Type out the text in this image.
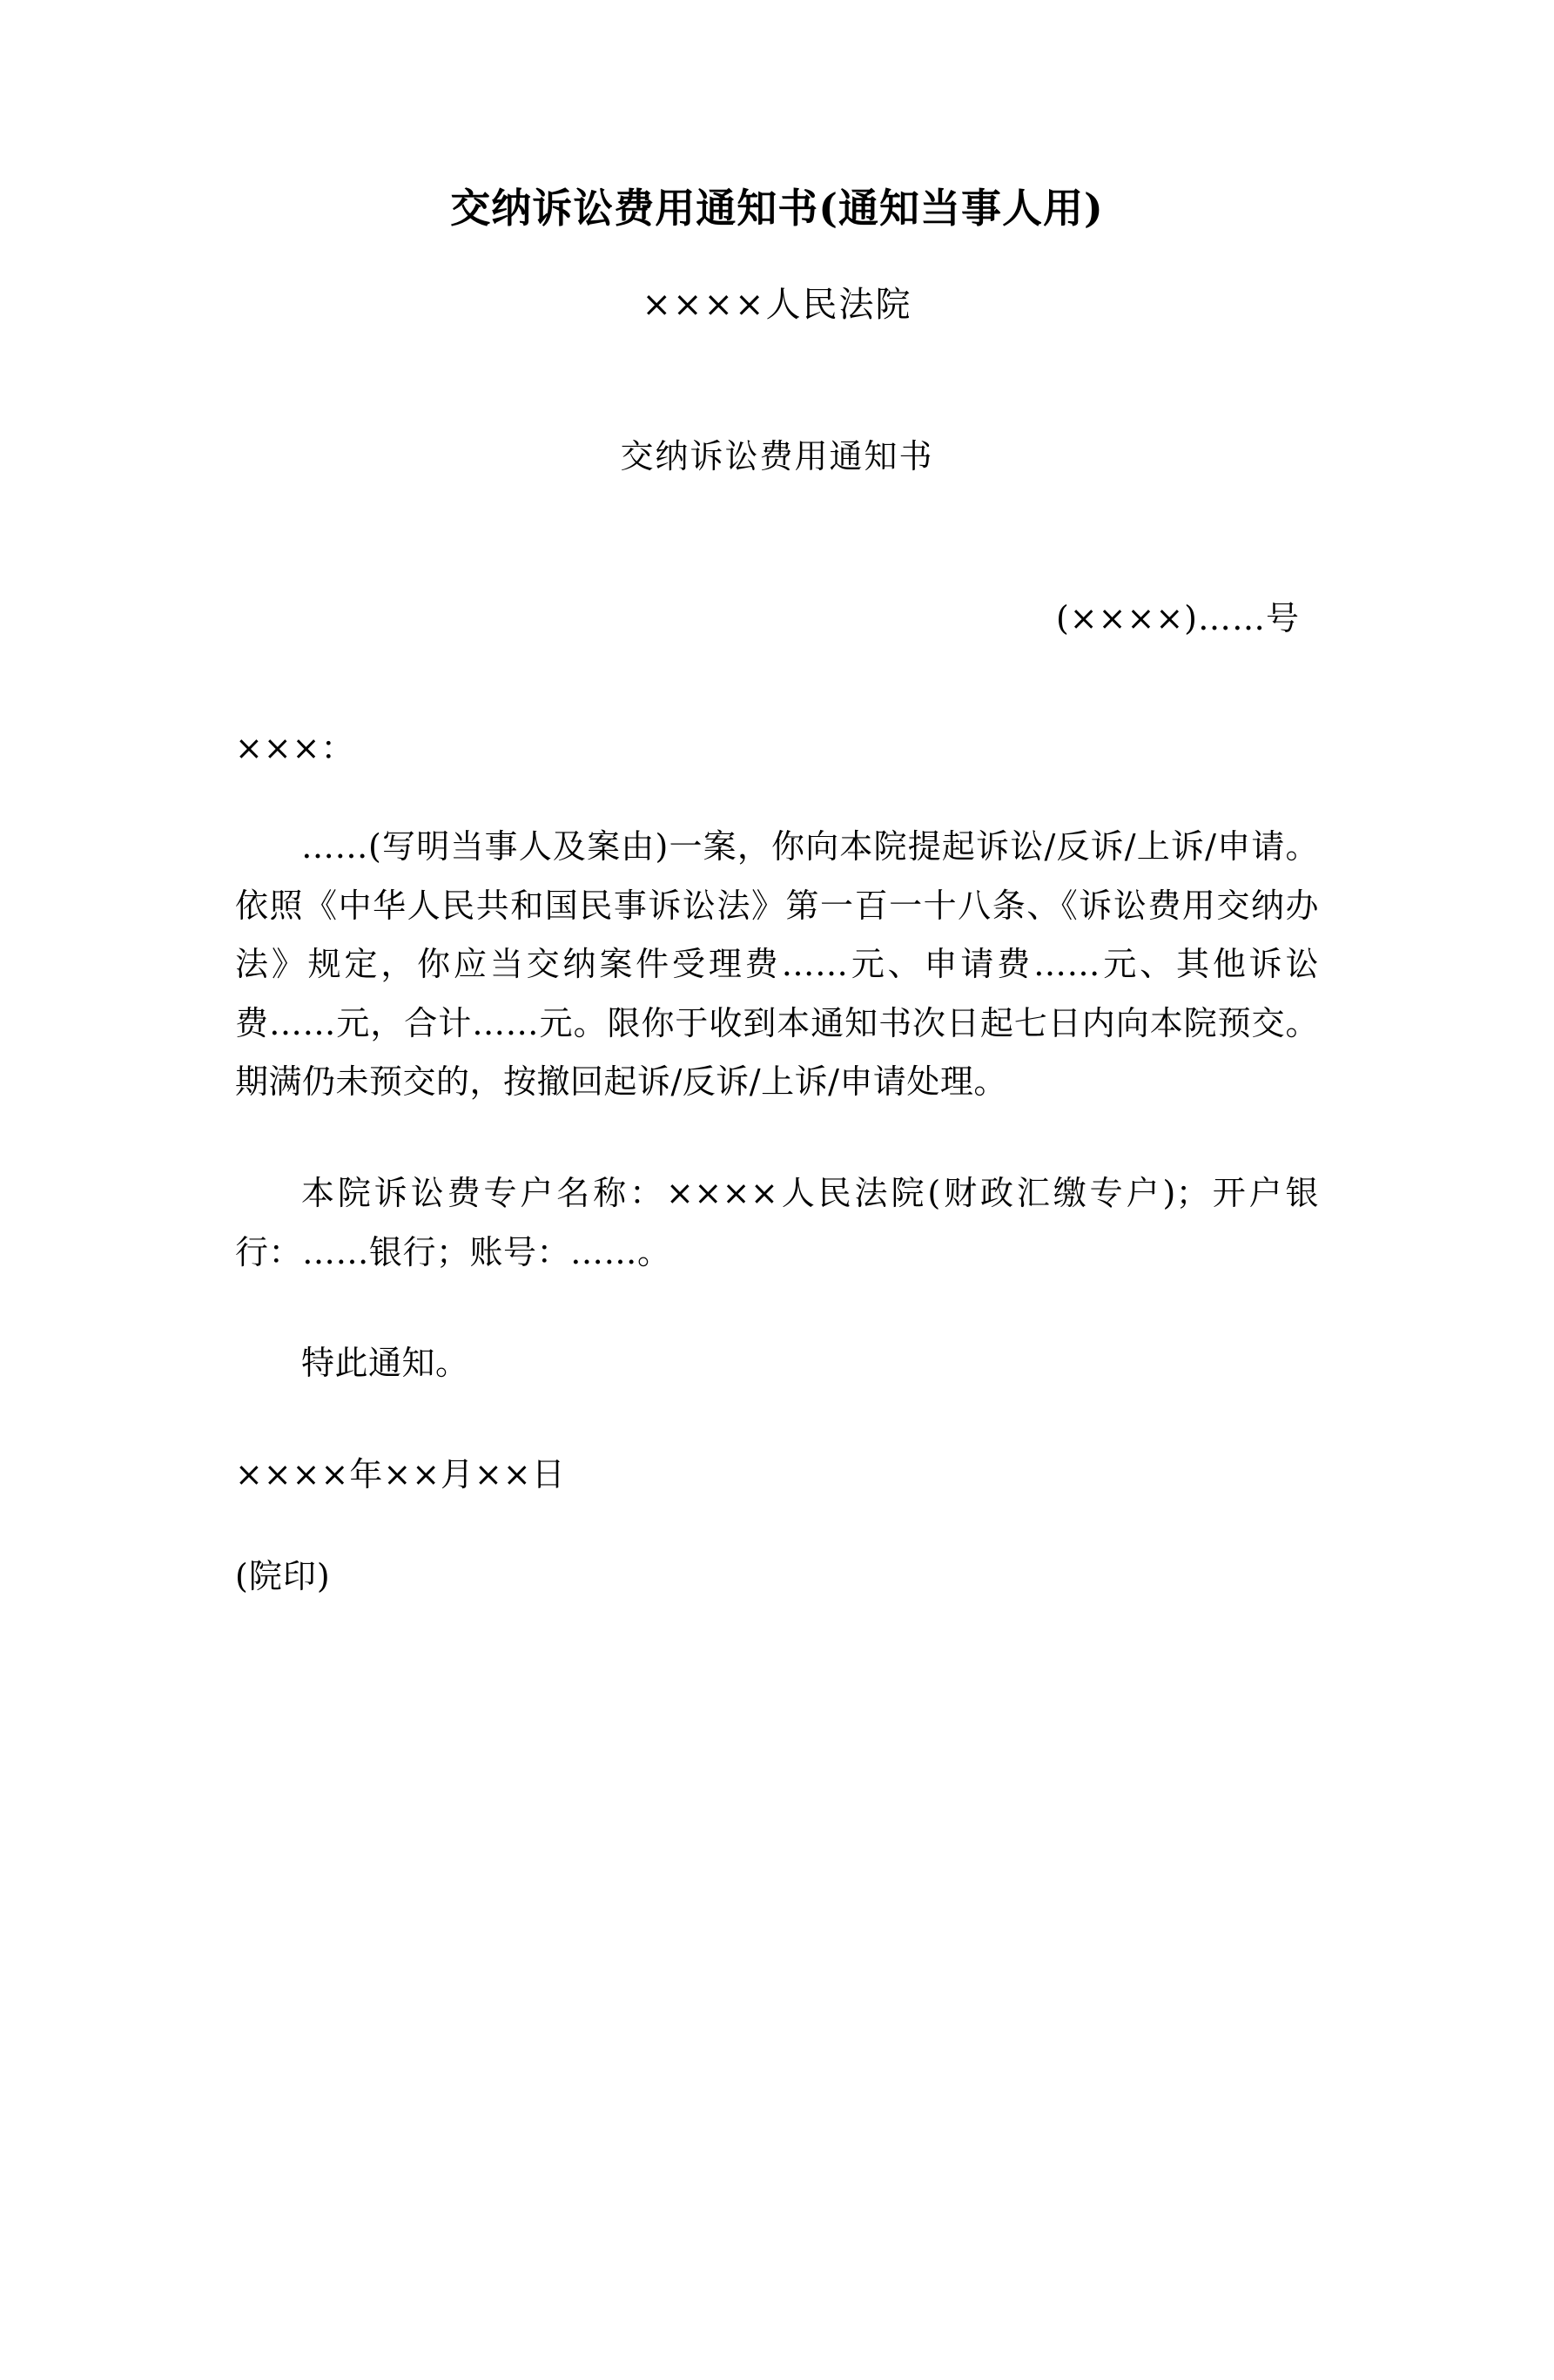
交纳诉讼费用通知书(通知当事人用)
××××人民法院
交纳诉讼费用通知书
(××××)……号
×××：
……(写明当事人及案由)一案，你向本院提起诉讼/反诉/上诉/申请。依照《中华人民共和国民事诉讼法》第一百一十八条、《诉讼费用交纳办法》规定，你应当交纳案件受理费……元、申请费……元、其他诉讼费……元，合计……元。限你于收到本通知书次日起七日内向本院预交。期满仍未预交的，按撤回起诉/反诉/上诉/申请处理。
本院诉讼费专户名称：××××人民法院(财政汇缴专户)；开户银行：……银行；账号：……。
特此通知。
××××年××月××日
(院印)
